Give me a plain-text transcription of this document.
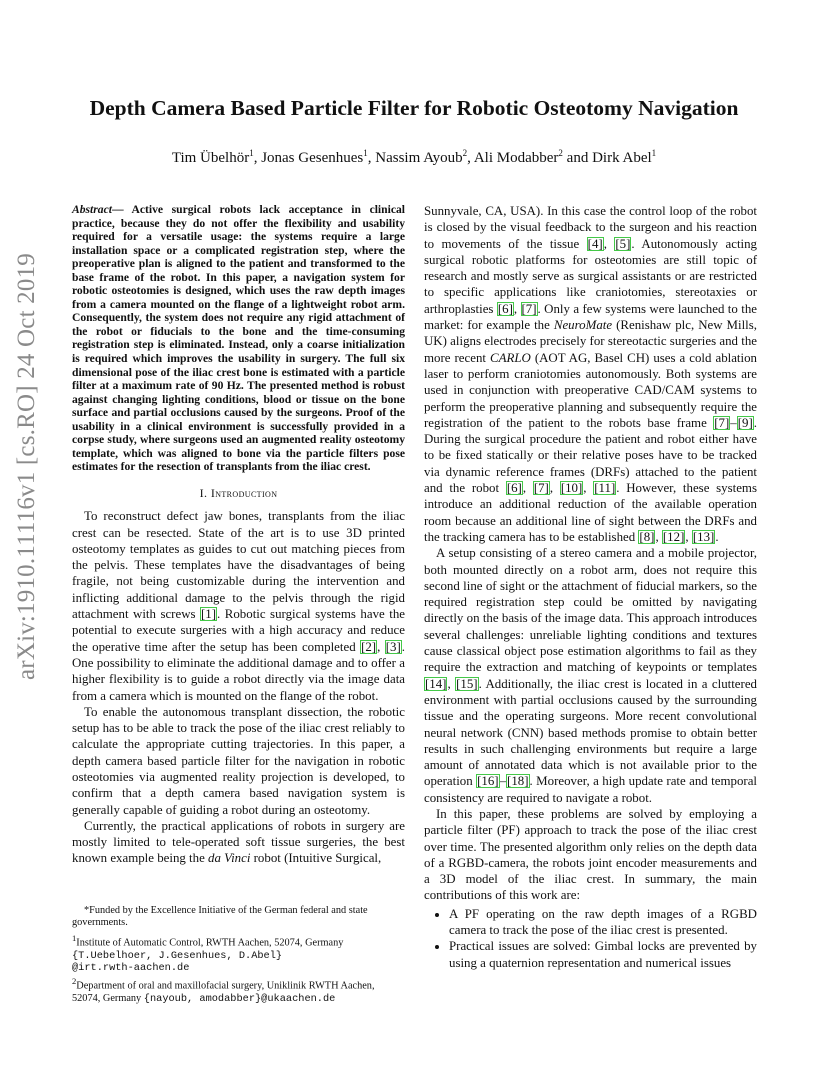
arXiv:1910.11116v1 [cs.RO] 24 Oct 2019
Depth Camera Based Particle Filter for Robotic Osteotomy Navigation
Tim Übelhör$^1$, Jonas Gesenhues$^1$, Nassim Ayoub$^2$, Ali Modabber$^2$ and Dirk Abel$^1$

Abstract— Active surgical robots lack acceptance in clinical practice, because they do not offer the flexibility and usability required for a versatile usage: the systems require a large installation space or a complicated registration step, where the preoperative plan is aligned to the patient and transformed to the base frame of the robot. In this paper, a navigation system for robotic osteotomies is designed, which uses the raw depth images from a camera mounted on the flange of a lightweight robot arm. Consequently, the system does not require any rigid attachment of the robot or fiducials to the bone and the time-consuming registration step is eliminated. Instead, only a coarse initialization is required which improves the usability in surgery. The full six dimensional pose of the iliac crest bone is estimated with a particle filter at a maximum rate of 90 Hz. The presented method is robust against changing lighting conditions, blood or tissue on the bone surface and partial occlusions caused by the surgeons. Proof of the usability in a clinical environment is successfully provided in a corpse study, where surgeons used an augmented reality osteotomy template, which was aligned to bone via the particle filters pose estimates for the resection of transplants from the iliac crest.

I. Introduction

To reconstruct defect jaw bones, transplants from the iliac crest can be resected. State of the art is to use 3D printed osteotomy templates as guides to cut out matching pieces from the pelvis. These templates have the disadvantages of being fragile, not being customizable during the intervention and inflicting additional damage to the pelvis through the rigid attachment with screws [1]. Robotic surgical systems have the potential to execute surgeries with a high accuracy and reduce the operative time after the setup has been completed [2], [3]. One possibility to eliminate the additional damage and to offer a higher flexibility is to guide a robot directly via the image data from a camera which is mounted on the flange of the robot.

To enable the autonomous transplant dissection, the robotic setup has to be able to track the pose of the iliac crest reliably to calculate the appropriate cutting trajectories. In this paper, a depth camera based particle filter for the navigation in robotic osteotomies via augmented reality projection is developed, to confirm that a depth camera based navigation system is generally capable of guiding a robot during an osteotomy.

Currently, the practical applications of robots in surgery are mostly limited to tele-operated soft tissue surgeries, the best known example being the da Vinci robot (Intuitive Surgical,

*Funded by the Excellence Initiative of the German federal and state governments.

$^1$Institute of Automatic Control, RWTH Aachen, 52074, Germany
{T.Uebelhoer, J.Gesenhues, D.Abel}
@irt.rwth-aachen.de

$^2$Department of oral and maxillofacial surgery, Uniklinik RWTH Aachen, 52074, Germany {nayoub, amodabber}@ukaachen.de

Sunnyvale, CA, USA). In this case the control loop of the robot is closed by the visual feedback to the surgeon and his reaction to movements of the tissue [4], [5]. Autonomously acting surgical robotic platforms for osteotomies are still topic of research and mostly serve as surgical assistants or are restricted to specific applications like craniotomies, stereotaxies or arthroplasties [6], [7]. Only a few systems were launched to the market: for example the NeuroMate (Renishaw plc, New Mills, UK) aligns electrodes precisely for stereotactic surgeries and the more recent CARLO (AOT AG, Basel CH) uses a cold ablation laser to perform craniotomies autonomously. Both systems are used in conjunction with preoperative CAD/CAM systems to perform the preoperative planning and subsequently require the registration of the patient to the robots base frame [7]–[9]. During the surgical procedure the patient and robot either have to be fixed statically or their relative poses have to be tracked via dynamic reference frames (DRFs) attached to the patient and the robot [6], [7], [10], [11]. However, these systems introduce an additional reduction of the available operation room because an additional line of sight between the DRFs and the tracking camera has to be established [8], [12], [13].

A setup consisting of a stereo camera and a mobile projector, both mounted directly on a robot arm, does not require this second line of sight or the attachment of fiducial markers, so the required registration step could be omitted by navigating directly on the basis of the image data. This approach introduces several challenges: unreliable lighting conditions and textures cause classical object pose estimation algorithms to fail as they require the extraction and matching of keypoints or templates [14], [15]. Additionally, the iliac crest is located in a cluttered environment with partial occlusions caused by the surrounding tissue and the operating surgeons. More recent convolutional neural network (CNN) based methods promise to obtain better results in such challenging environments but require a large amount of annotated data which is not available prior to the operation [16]–[18]. Moreover, a high update rate and temporal consistency are required to navigate a robot.

In this paper, these problems are solved by employing a particle filter (PF) approach to track the pose of the iliac crest over time. The presented algorithm only relies on the depth data of a RGBD-camera, the robots joint encoder measurements and a 3D model of the iliac crest. In summary, the main contributions of this work are:

• A PF operating on the raw depth images of a RGBD camera to track the pose of the iliac crest is presented.
• Practical issues are solved: Gimbal locks are prevented by using a quaternion representation and numerical issues
